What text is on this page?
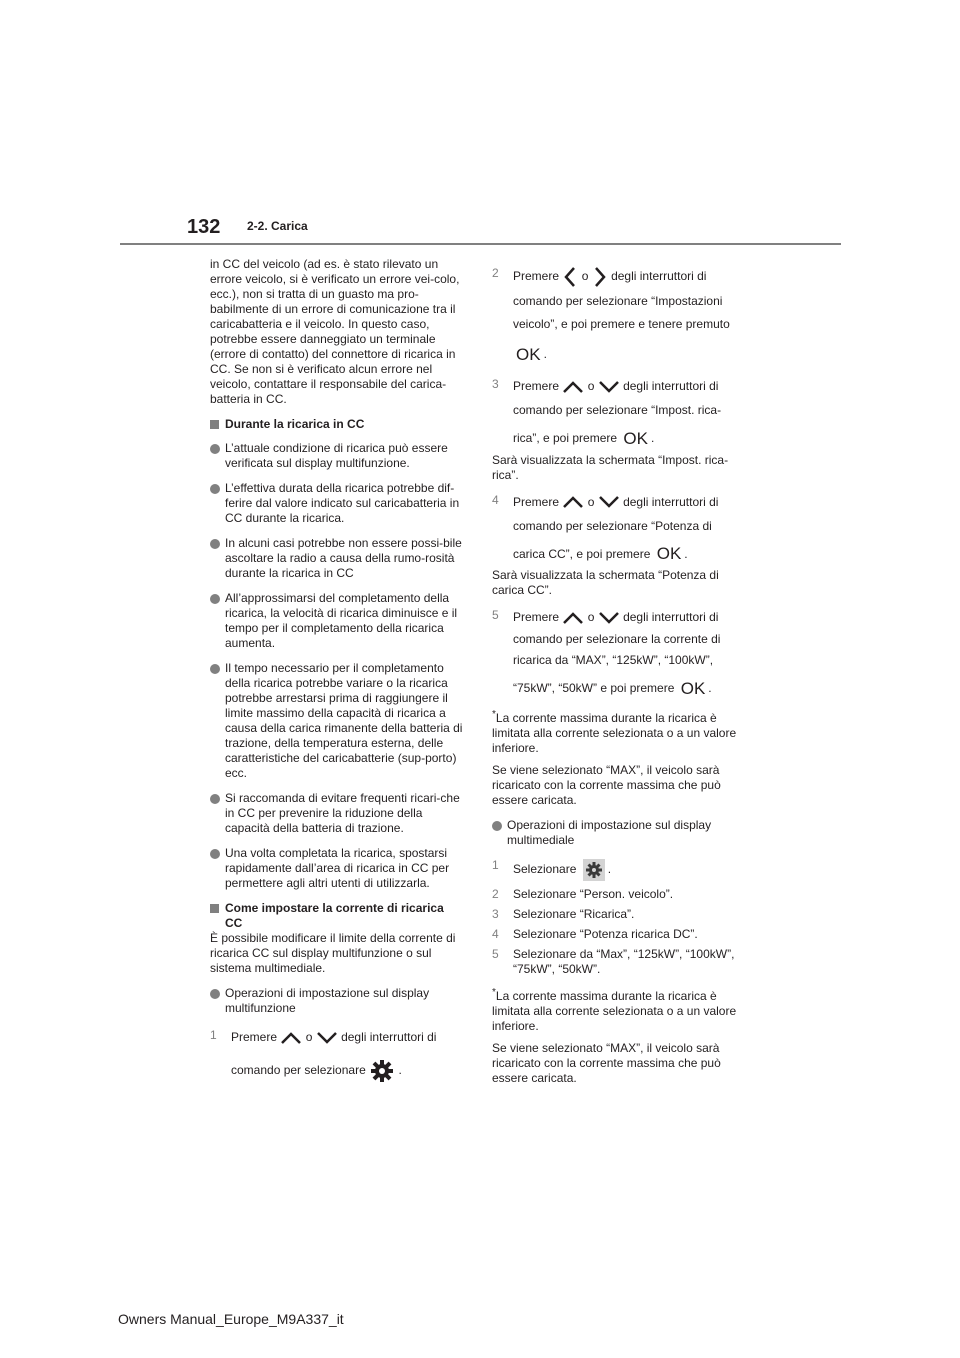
132 2-2. Carica

in CC del veicolo (ad es. è stato rilevato un errore veicolo, si è verificato un errore vei-colo, ecc.), non si tratta di un guasto ma pro-babilmente di un errore di comunicazione tra il caricabatteria e il veicolo. In questo caso, potrebbe essere danneggiato un terminale (errore di contatto) del connettore di ricarica in CC. Se non si è verificato alcun errore nel veicolo, contattare il responsabile del carica-batteria in CC.

Durante la ricarica in CC

L’attuale condizione di ricarica può essere verificata sul display multifunzione.

L’effettiva durata della ricarica potrebbe dif-ferire dal valore indicato sul caricabatteria in CC durante la ricarica.

In alcuni casi potrebbe non essere possi-bile ascoltare la radio a causa della rumo-rosità durante la ricarica in CC

All’approssimarsi del completamento della ricarica, la velocità di ricarica diminuisce e il tempo per il completamento della ricarica aumenta.

Il tempo necessario per il completamento della ricarica potrebbe variare o la ricarica potrebbe arrestarsi prima di raggiungere il limite massimo della capacità di ricarica a causa della carica rimanente della batteria di trazione, della temperatura esterna, delle caratteristiche del caricabatterie (sup-porto) ecc.

Si raccomanda di evitare frequenti ricari-che in CC per prevenire la riduzione della capacità della batteria di trazione.

Una volta completata la ricarica, spostarsi rapidamente dall’area di ricarica in CC per permettere agli altri utenti di utilizzarla.

Come impostare la corrente di ricarica CC

È possibile modificare il limite della corrente di ricarica CC sul display multifunzione o sul sistema multimediale.

Operazioni di impostazione sul display multifunzione

1 Premere o degli interruttori di
comando per selezionare	.
2 Premere o degli interruttori di
comando per selezionare “Impostazioni
veicolo”, e poi premere e tenere premuto
OK .
3 Premere o degli interruttori di
comando per selezionare “Impost. rica-
rica”, e poi premere OK .

Sarà visualizzata la schermata “Impost. rica-rica”.

4 Premere o degli interruttori di
comando per selezionare “Potenza di
carica CC”, e poi premere OK .

Sarà visualizzata la schermata “Potenza di carica CC”.

5 Premere o degli interruttori di
comando per selezionare la corrente di
ricarica da “MAX”, “125kW”, “100kW”,
“75kW”, “50kW” e poi premere OK .

*La corrente massima durante la ricarica è limitata alla corrente selezionata o a un valore inferiore.

Se viene selezionato “MAX”, il veicolo sarà ricaricato con la corrente massima che può essere caricata.

Operazioni di impostazione sul display multimediale

1 Selezionare	.
2 Selezionare “Person. veicolo”.
3 Selezionare “Ricarica”.
4 Selezionare “Potenza ricarica DC”.
5 Selezionare da “Max”, “125kW”, “100kW”, “75kW”, “50kW”.

*La corrente massima durante la ricarica è limitata alla corrente selezionata o a un valore inferiore.

Se viene selezionato “MAX”, il veicolo sarà ricaricato con la corrente massima che può essere caricata.

Owners Manual_Europe_M9A337_it
